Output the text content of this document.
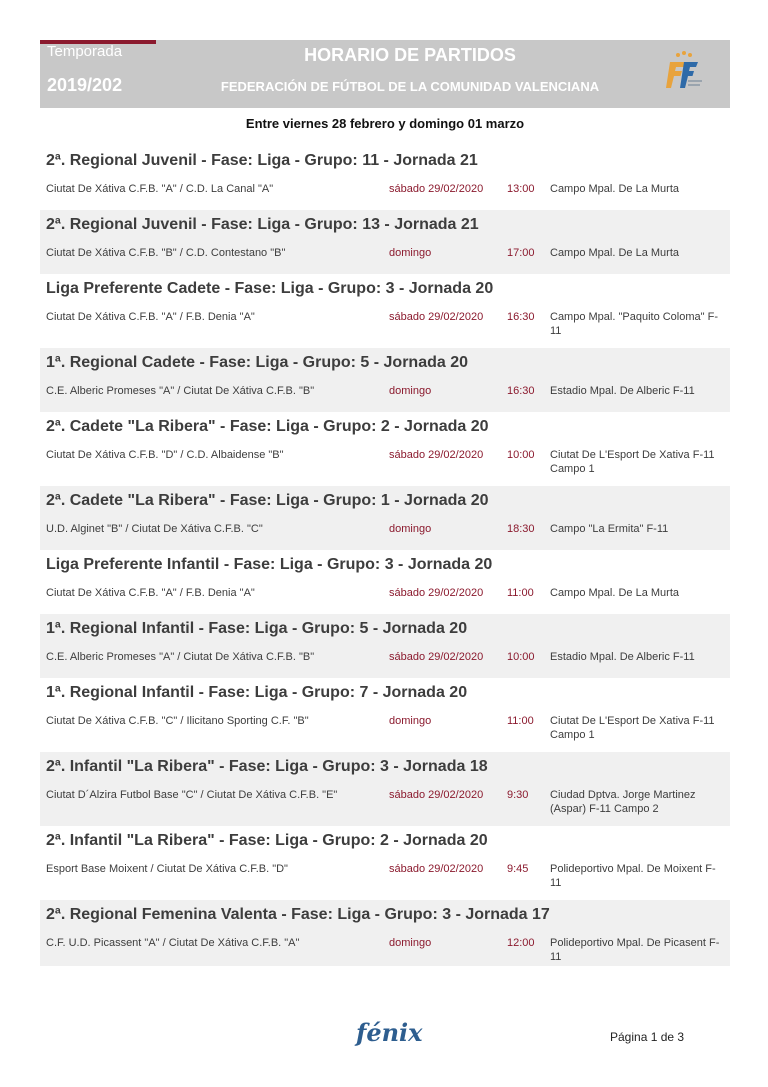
Temporada
2019/202
HORARIO DE PARTIDOS
FEDERACIÓN DE FÚTBOL DE LA COMUNIDAD VALENCIANA
Entre viernes 28 febrero y domingo 01 marzo
2ª. Regional Juvenil - Fase: Liga - Grupo: 11 - Jornada 21
Ciutat De Xátiva C.F.B. "A" / C.D. La Canal "A"	sábado 29/02/2020 13:00 Campo Mpal. De La Murta
2ª. Regional Juvenil - Fase: Liga - Grupo: 13 - Jornada 21
Ciutat De Xátiva C.F.B. "B" / C.D. Contestano "B"	domingo	17:00 Campo Mpal. De La Murta
Liga Preferente Cadete - Fase: Liga - Grupo: 3 - Jornada 20
Ciutat De Xátiva C.F.B. "A" / F.B. Denia "A"	sábado 29/02/2020 16:30 Campo Mpal. "Paquito Coloma" F-11
1ª. Regional Cadete - Fase: Liga - Grupo: 5 - Jornada 20
C.E. Alberic Promeses "A" / Ciutat De Xátiva C.F.B. "B"	domingo	16:30 Estadio Mpal. De Alberic F-11
2ª. Cadete "La Ribera" - Fase: Liga - Grupo: 2 - Jornada 20
Ciutat De Xátiva C.F.B. "D" / C.D. Albaidense "B"	sábado 29/02/2020 10:00 Ciutat De L'Esport De Xativa F-11 Campo 1
2ª. Cadete "La Ribera" - Fase: Liga - Grupo: 1 - Jornada 20
U.D. Alginet "B" / Ciutat De Xátiva C.F.B. "C"	domingo	18:30 Campo "La Ermita" F-11
Liga Preferente Infantil - Fase: Liga - Grupo: 3 - Jornada 20
Ciutat De Xátiva C.F.B. "A" / F.B. Denia "A"	sábado 29/02/2020 11:00 Campo Mpal. De La Murta
1ª. Regional Infantil - Fase: Liga - Grupo: 5 - Jornada 20
C.E. Alberic Promeses "A" / Ciutat De Xátiva C.F.B. "B"	sábado 29/02/2020 10:00 Estadio Mpal. De Alberic F-11
1ª. Regional Infantil - Fase: Liga - Grupo: 7 - Jornada 20
Ciutat De Xátiva C.F.B. "C" / Ilicitano Sporting C.F. "B"	domingo	11:00 Ciutat De L'Esport De Xativa F-11 Campo 1
2ª. Infantil "La Ribera" - Fase: Liga - Grupo: 3 - Jornada 18
Ciutat D´Alzira Futbol Base "C" / Ciutat De Xátiva C.F.B. "E"	sábado 29/02/2020 9:30 Ciudad Dptva. Jorge Martinez (Aspar) F-11 Campo 2
2ª. Infantil "La Ribera" - Fase: Liga - Grupo: 2 - Jornada 20
Esport Base Moixent / Ciutat De Xátiva C.F.B. "D"	sábado 29/02/2020 9:45 Polideportivo Mpal. De Moixent F-11
2ª. Regional Femenina Valenta - Fase: Liga - Grupo: 3 - Jornada 17
C.F. U.D. Picassent "A" / Ciutat De Xátiva C.F.B. "A"	domingo	12:00 Polideportivo Mpal. De Picasent F-11
fénix	Página 1 de 3
